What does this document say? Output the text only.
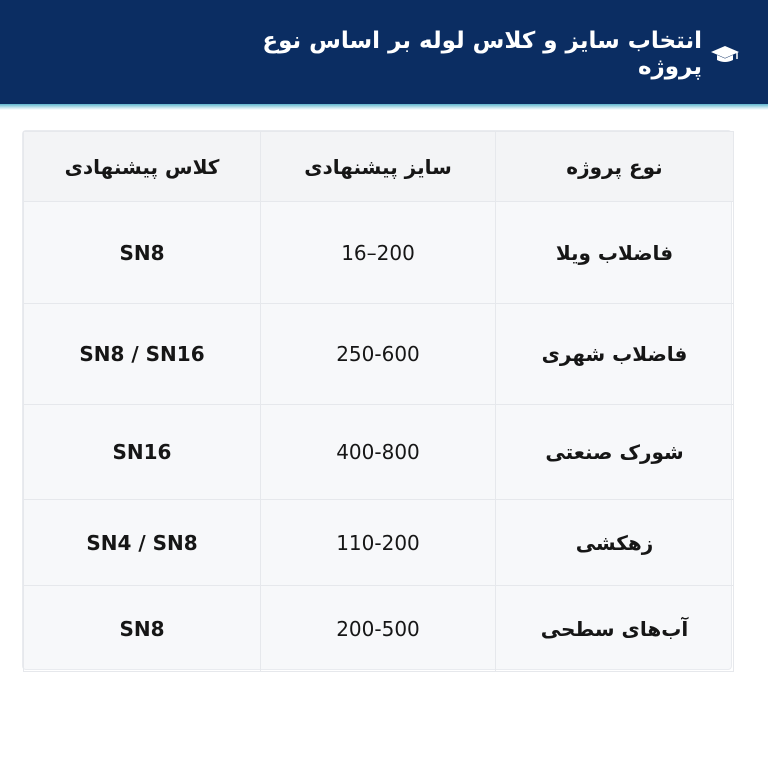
انتخاب سایز و کلاس لوله بر اساس نوع پروژه
نوع پروژه	سایز پیشنهادی	کلاس پیشنهادی
فاضلاب ویلا	16–200	SN8
فاضلاب شهری	250-600	SN8 / SN16
شورک صنعتی	400-800	SN16
زهکشی	110-200	SN4 / SN8
آب‌های سطحی	200-500	SN8
